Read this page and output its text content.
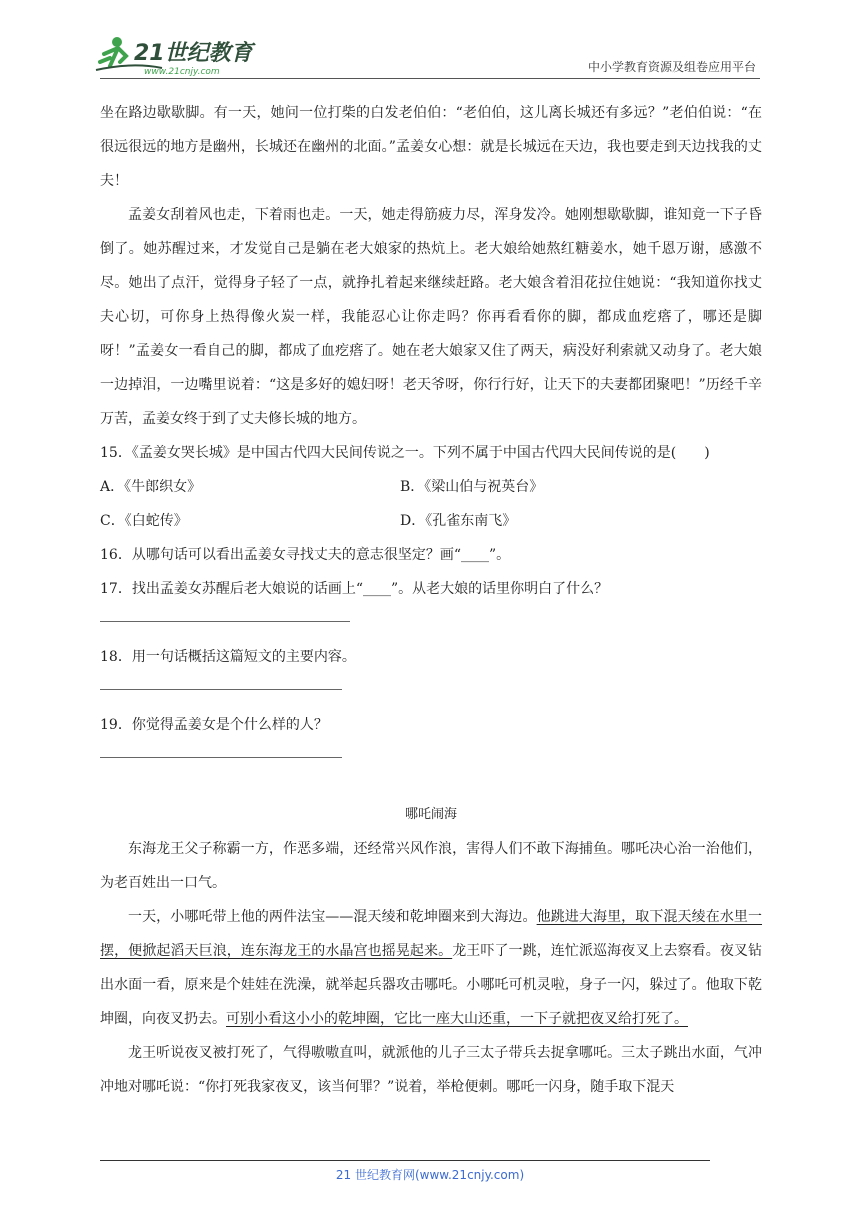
21世纪教育
www.21cnjy.com	中小学教育资源及组卷应用平台

坐在路边歇歇脚。有一天，她问一位打柴的白发老伯伯：“老伯伯，这儿离长城还有多远？”老伯伯说：“在很远很远的地方是幽州，长城还在幽州的北面。”孟姜女心想：就是长城远在天边，我也要走到天边找我的丈夫！

孟姜女刮着风也走，下着雨也走。一天，她走得筋疲力尽，浑身发冷。她刚想歇歇脚，谁知竟一下子昏倒了。她苏醒过来，才发觉自己是躺在老大娘家的热炕上。老大娘给她熬红糖姜水，她千恩万谢，感激不尽。她出了点汗，觉得身子轻了一点，就挣扎着起来继续赶路。老大娘含着泪花拉住她说：“我知道你找丈夫心切，可你身上热得像火炭一样，我能忍心让你走吗？你再看看你的脚，都成血疙瘩了，哪还是脚呀！”孟姜女一看自己的脚，都成了血疙瘩了。她在老大娘家又住了两天，病没好利索就又动身了。老大娘一边掉泪，一边嘴里说着：“这是多好的媳妇呀！老天爷呀，你行行好，让天下的夫妻都团聚吧！”历经千辛万苦，孟姜女终于到了丈夫修长城的地方。

15．《孟姜女哭长城》是中国古代四大民间传说之一。下列不属于中国古代四大民间传说的是(　　)

A．《牛郎织女》	B．《梁山伯与祝英台》
C．《白蛇传》	D．《孔雀东南飞》

16．从哪句话可以看出孟姜女寻找丈夫的意志很坚定？画“____”。

17．找出孟姜女苏醒后老大娘说的话画上“____”。从老大娘的话里你明白了什么？

18．用一句话概括这篇短文的主要内容。

19．你觉得孟姜女是个什么样的人？

哪吒闹海

东海龙王父子称霸一方，作恶多端，还经常兴风作浪，害得人们不敢下海捕鱼。哪吒决心治一治他们，为老百姓出一口气。

一天，小哪吒带上他的两件法宝——混天绫和乾坤圈来到大海边。他跳进大海里，取下混天绫在水里一摆，便掀起滔天巨浪，连东海龙王的水晶宫也摇晃起来。龙王吓了一跳，连忙派巡海夜叉上去察看。夜叉钻出水面一看，原来是个娃娃在洗澡，就举起兵器攻击哪吒。小哪吒可机灵啦，身子一闪，躲过了。他取下乾坤圈，向夜叉扔去。可别小看这小小的乾坤圈，它比一座大山还重，一下子就把夜叉给打死了。

龙王听说夜叉被打死了，气得嗷嗷直叫，就派他的儿子三太子带兵去捉拿哪吒。三太子跳出水面，气冲冲地对哪吒说：“你打死我家夜叉，该当何罪？”说着，举枪便刺。哪吒一闪身，随手取下混天

21 世纪教育网(www.21cnjy.com)
